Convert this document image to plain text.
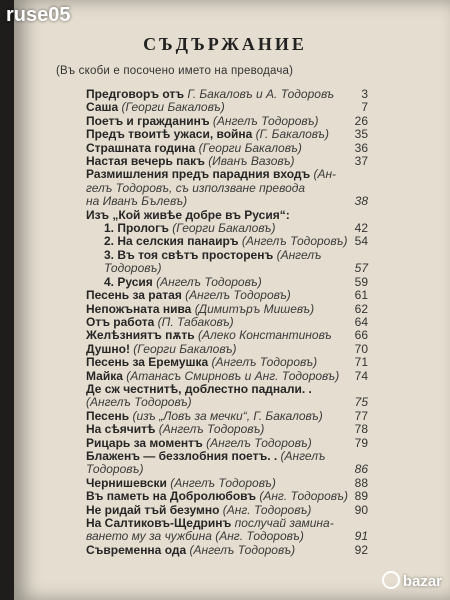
ruse05
СЪДЪРЖАНИЕ
(Въ скоби е посочено името на преводача)
Предговоръ отъ Г. Бакаловъ и А. Тодоровъ 3
Саша (Георги Бакаловъ)	7
Поетъ и гражданинъ (Ангелъ Тодоровъ)	26
Предъ твоитѣ ужаси, война (Г. Бакаловъ) 35
Страшната година (Георги Бакаловъ)	36
Настая вечерь пакъ (Иванъ Вазовъ)	37
Размишления предъ парадния входъ (Ан-
гелъ Тодоровъ, съ използване превода
на Иванъ Бълевъ)	38
Изъ „Кой живѣе добре въ Русия“:
1. Прологъ (Георги Бакаловъ)	42
2. На селския панаиръ (Ангелъ Тодоровъ) 54
3. Въ тоя свѣтъ просторенъ (Ангелъ
Тодоровъ)	57
4. Русия (Ангелъ Тодоровъ)	59
Песень за ратая (Ангелъ Тодоровъ)	61
Непожъната нива (Димитъръ Мишевъ)	62
Отъ работа (П. Табаковъ)	64
Желѣзниятъ пѫть (Алеко Константиновъ 66
Душно! (Георги Бакаловъ)	70
Песень за Еремушка (Ангелъ Тодоровъ)	71
Майка (Атанасъ Смирновъ и Анг. Тодоровъ) 74
Де сж честнитѣ, доблестно паднали. .
(Ангелъ Тодоровъ)	75
Песень (изъ „Ловъ за мечки“, Г. Бакаловъ)	77
На сѣячитѣ (Ангелъ Тодоровъ)	78
Рицарь за моментъ (Ангелъ Тодоровъ)	79
Блаженъ — беззлобния поетъ. . (Ангелъ
Тодоровъ)	86
Чернишевски (Ангелъ Тодоровъ)	88
Въ паметь на Добролюбовъ (Анг. Тодоровъ) 89
Не ридай тъй безумно (Анг. Тодоровъ)	90
На Салтиковъ-Щедринъ послучай замина-
ването му за чужбина (Анг. Тодоровъ)	91
Съвременна ода (Ангелъ Тодоровъ)	92
bazar
